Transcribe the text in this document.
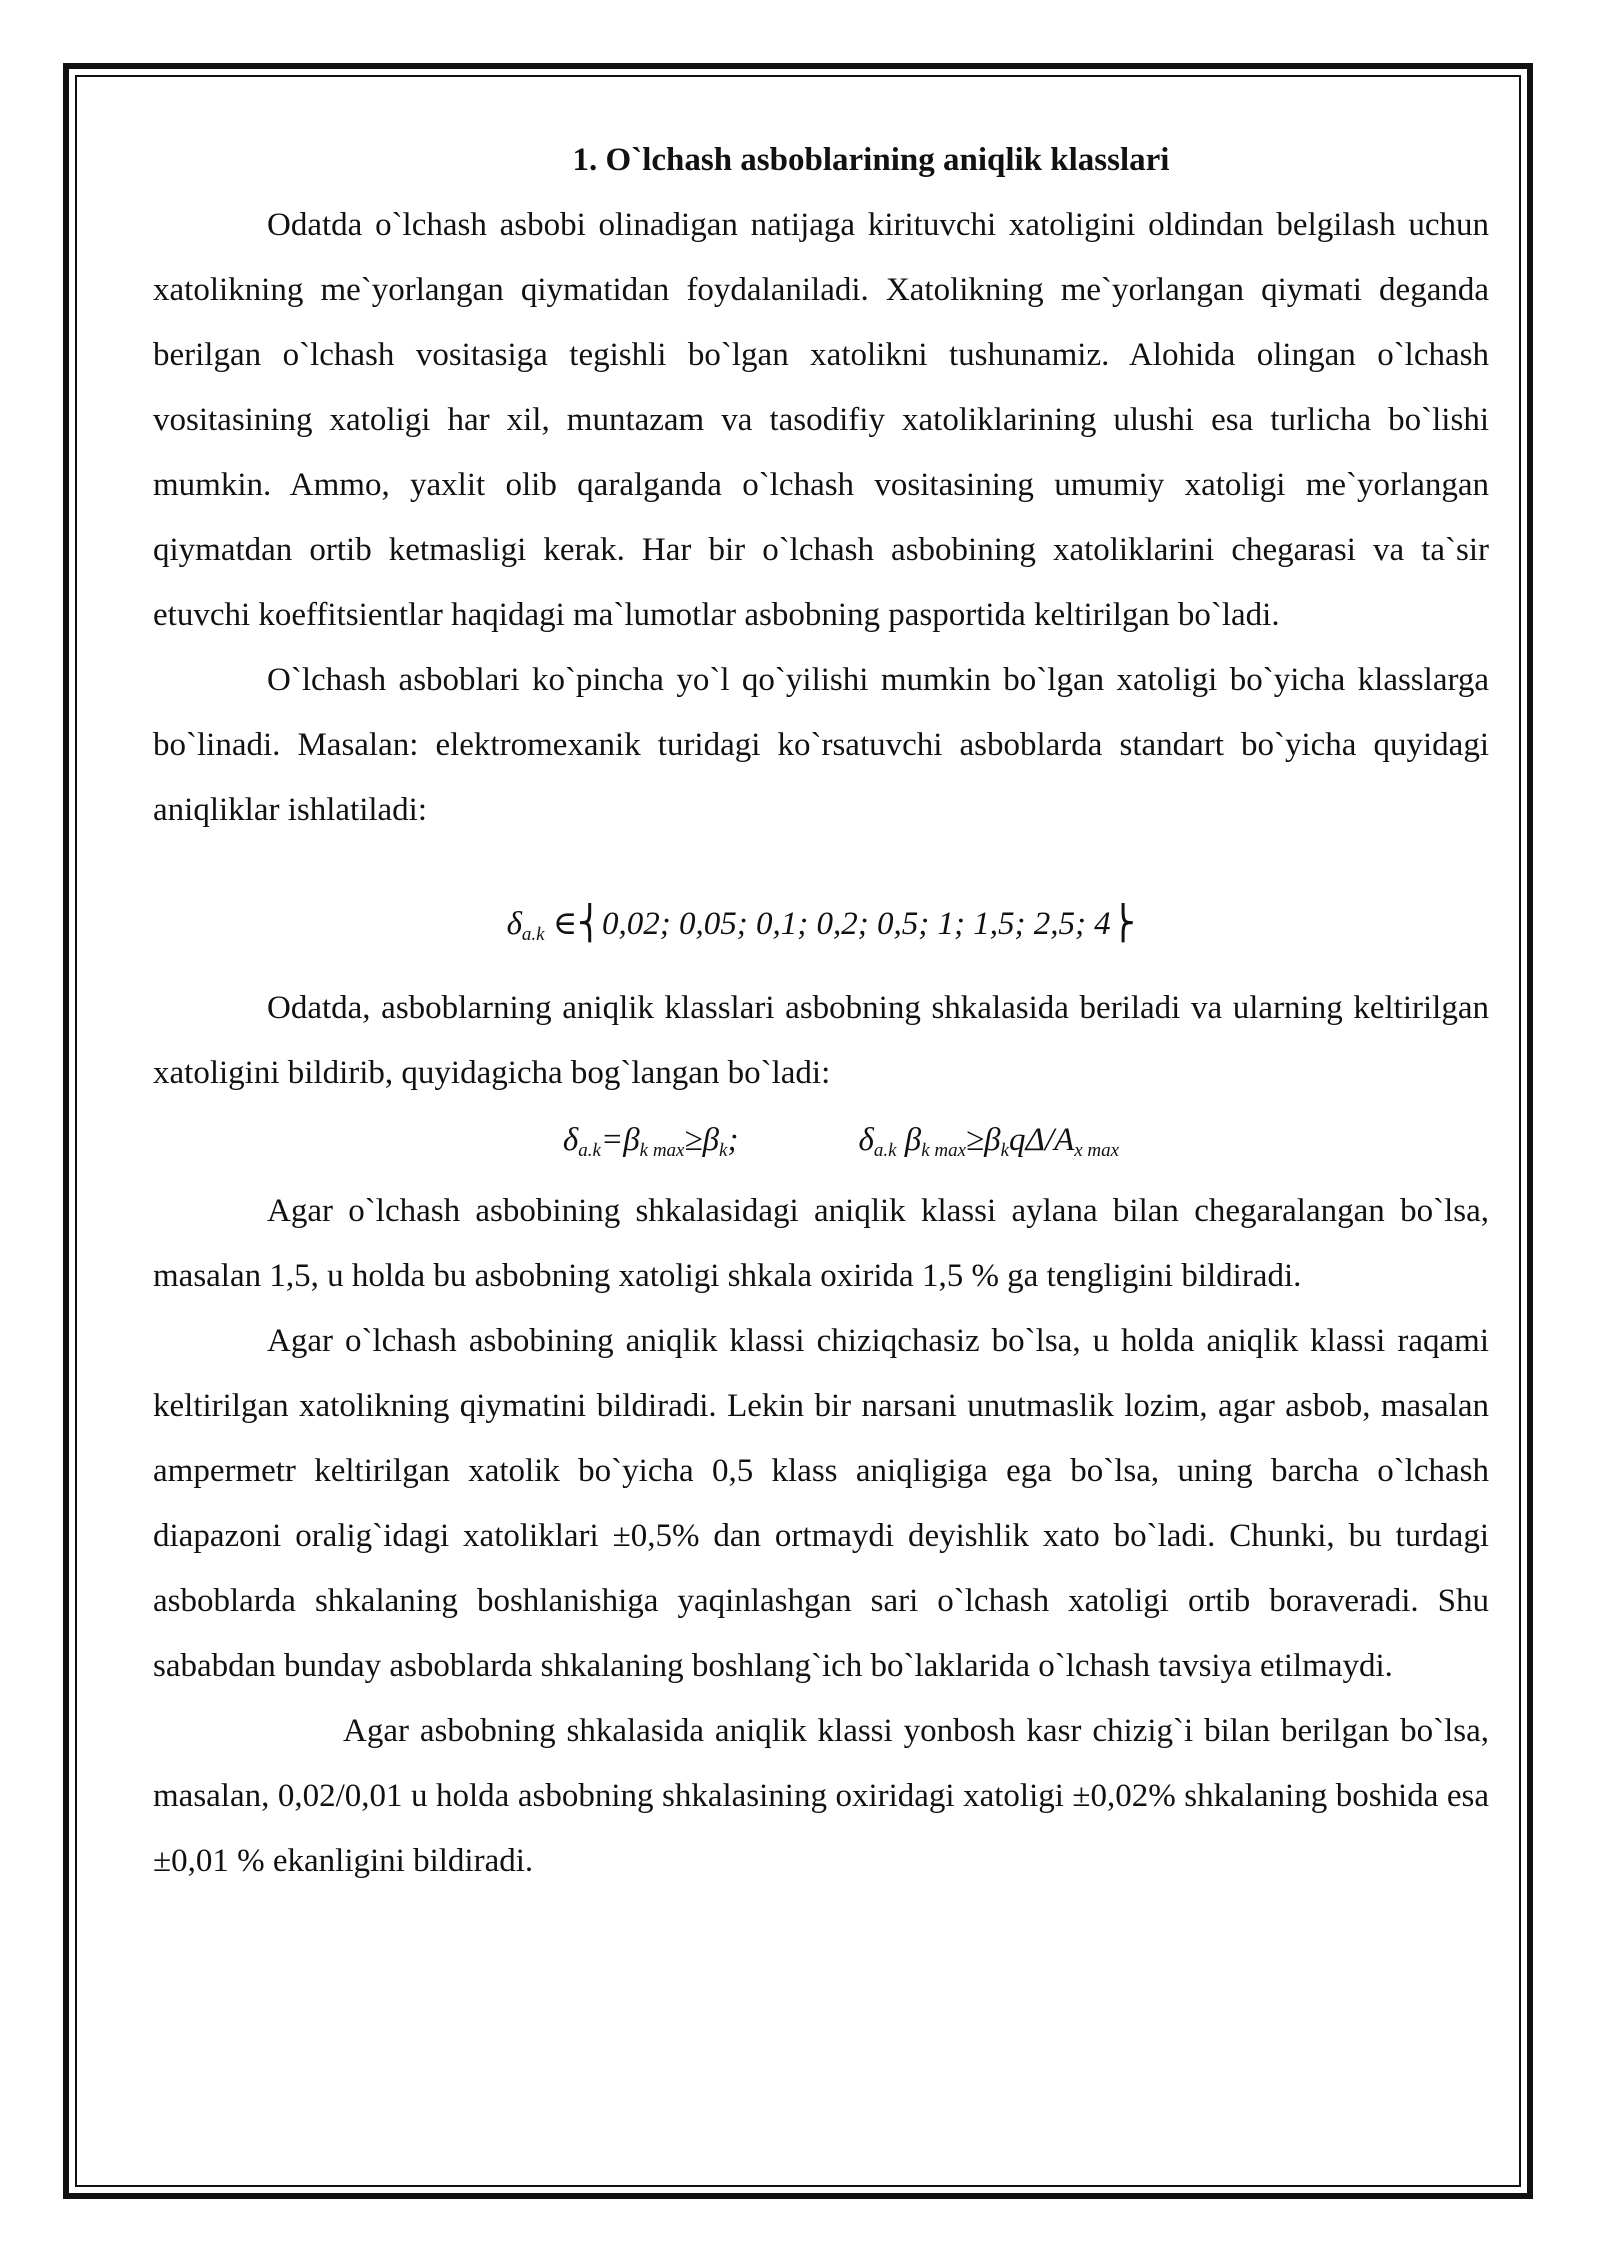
1. O`lchash asboblarining aniqlik klasslari

Odatda o`lchash asbobi olinadigan natijaga kirituvchi xatoligini oldindan belgilash uchun xatolikning me`yorlangan qiymatidan foydalaniladi. Xatolikning me`yorlangan qiymati deganda berilgan o`lchash vositasiga tegishli bo`lgan xatolikni tushunamiz. Alohida olingan o`lchash vositasining xatoligi har xil, muntazam va tasodifiy xatoliklarining ulushi esa turlicha bo`lishi mumkin. Ammo, yaxlit olib qaralganda o`lchash vositasining umumiy xatoligi me`yorlangan qiymatdan ortib ketmasligi kerak. Har bir o`lchash asbobining xatoliklarini chegarasi va ta`sir etuvchi koeffitsientlar haqidagi ma`lumotlar asbobning pasportida keltirilgan bo`ladi.

O`lchash asboblari ko`pincha yo`l qo`yilishi mumkin bo`lgan xatoligi bo`yicha klasslarga bo`linadi. Masalan: elektromexanik turidagi ko`rsatuvchi asboblarda standart bo`yicha quyidagi aniqliklar ishlatiladi:

$\delta_{a.k}$ ∈⎨0,02; 0,05; 0,1; 0,2; 0,5; 1; 1,5; 2,5; 4⎬

Odatda, asboblarning aniqlik klasslari asbobning shkalasida beriladi va ularning keltirilgan xatoligini bildirib, quyidagicha bog`langan bo`ladi:

$\delta_{a.k}=\beta_{k max}\ge\beta_k$;	$\delta_{a.k}$ $\beta_{k max}\ge\beta_kq\Delta/A_{x max}$

Agar o`lchash asbobining shkalasidagi aniqlik klassi aylana bilan chegaralangan bo`lsa, masalan 1,5, u holda bu asbobning xatoligi shkala oxirida 1,5 % ga tengligini bildiradi.

Agar o`lchash asbobining aniqlik klassi chiziqchasiz bo`lsa, u holda aniqlik klassi raqami keltirilgan xatolikning qiymatini bildiradi. Lekin bir narsani unutmaslik lozim, agar asbob, masalan ampermetr keltirilgan xatolik bo`yicha 0,5 klass aniqligiga ega bo`lsa, uning barcha o`lchash diapazoni oralig`idagi xatoliklari ±0,5% dan ortmaydi deyishlik xato bo`ladi. Chunki, bu turdagi asboblarda shkalaning boshlanishiga yaqinlashgan sari o`lchash xatoligi ortib boraveradi. Shu sababdan bunday asboblarda shkalaning boshlang`ich bo`laklarida o`lchash tavsiya etilmaydi.

Agar asbobning shkalasida aniqlik klassi yonbosh kasr chizig`i bilan berilgan bo`lsa, masalan, 0,02/0,01 u holda asbobning shkalasining oxiridagi xatoligi ±0,02% shkalaning boshida esa ±0,01 % ekanligini bildiradi.
